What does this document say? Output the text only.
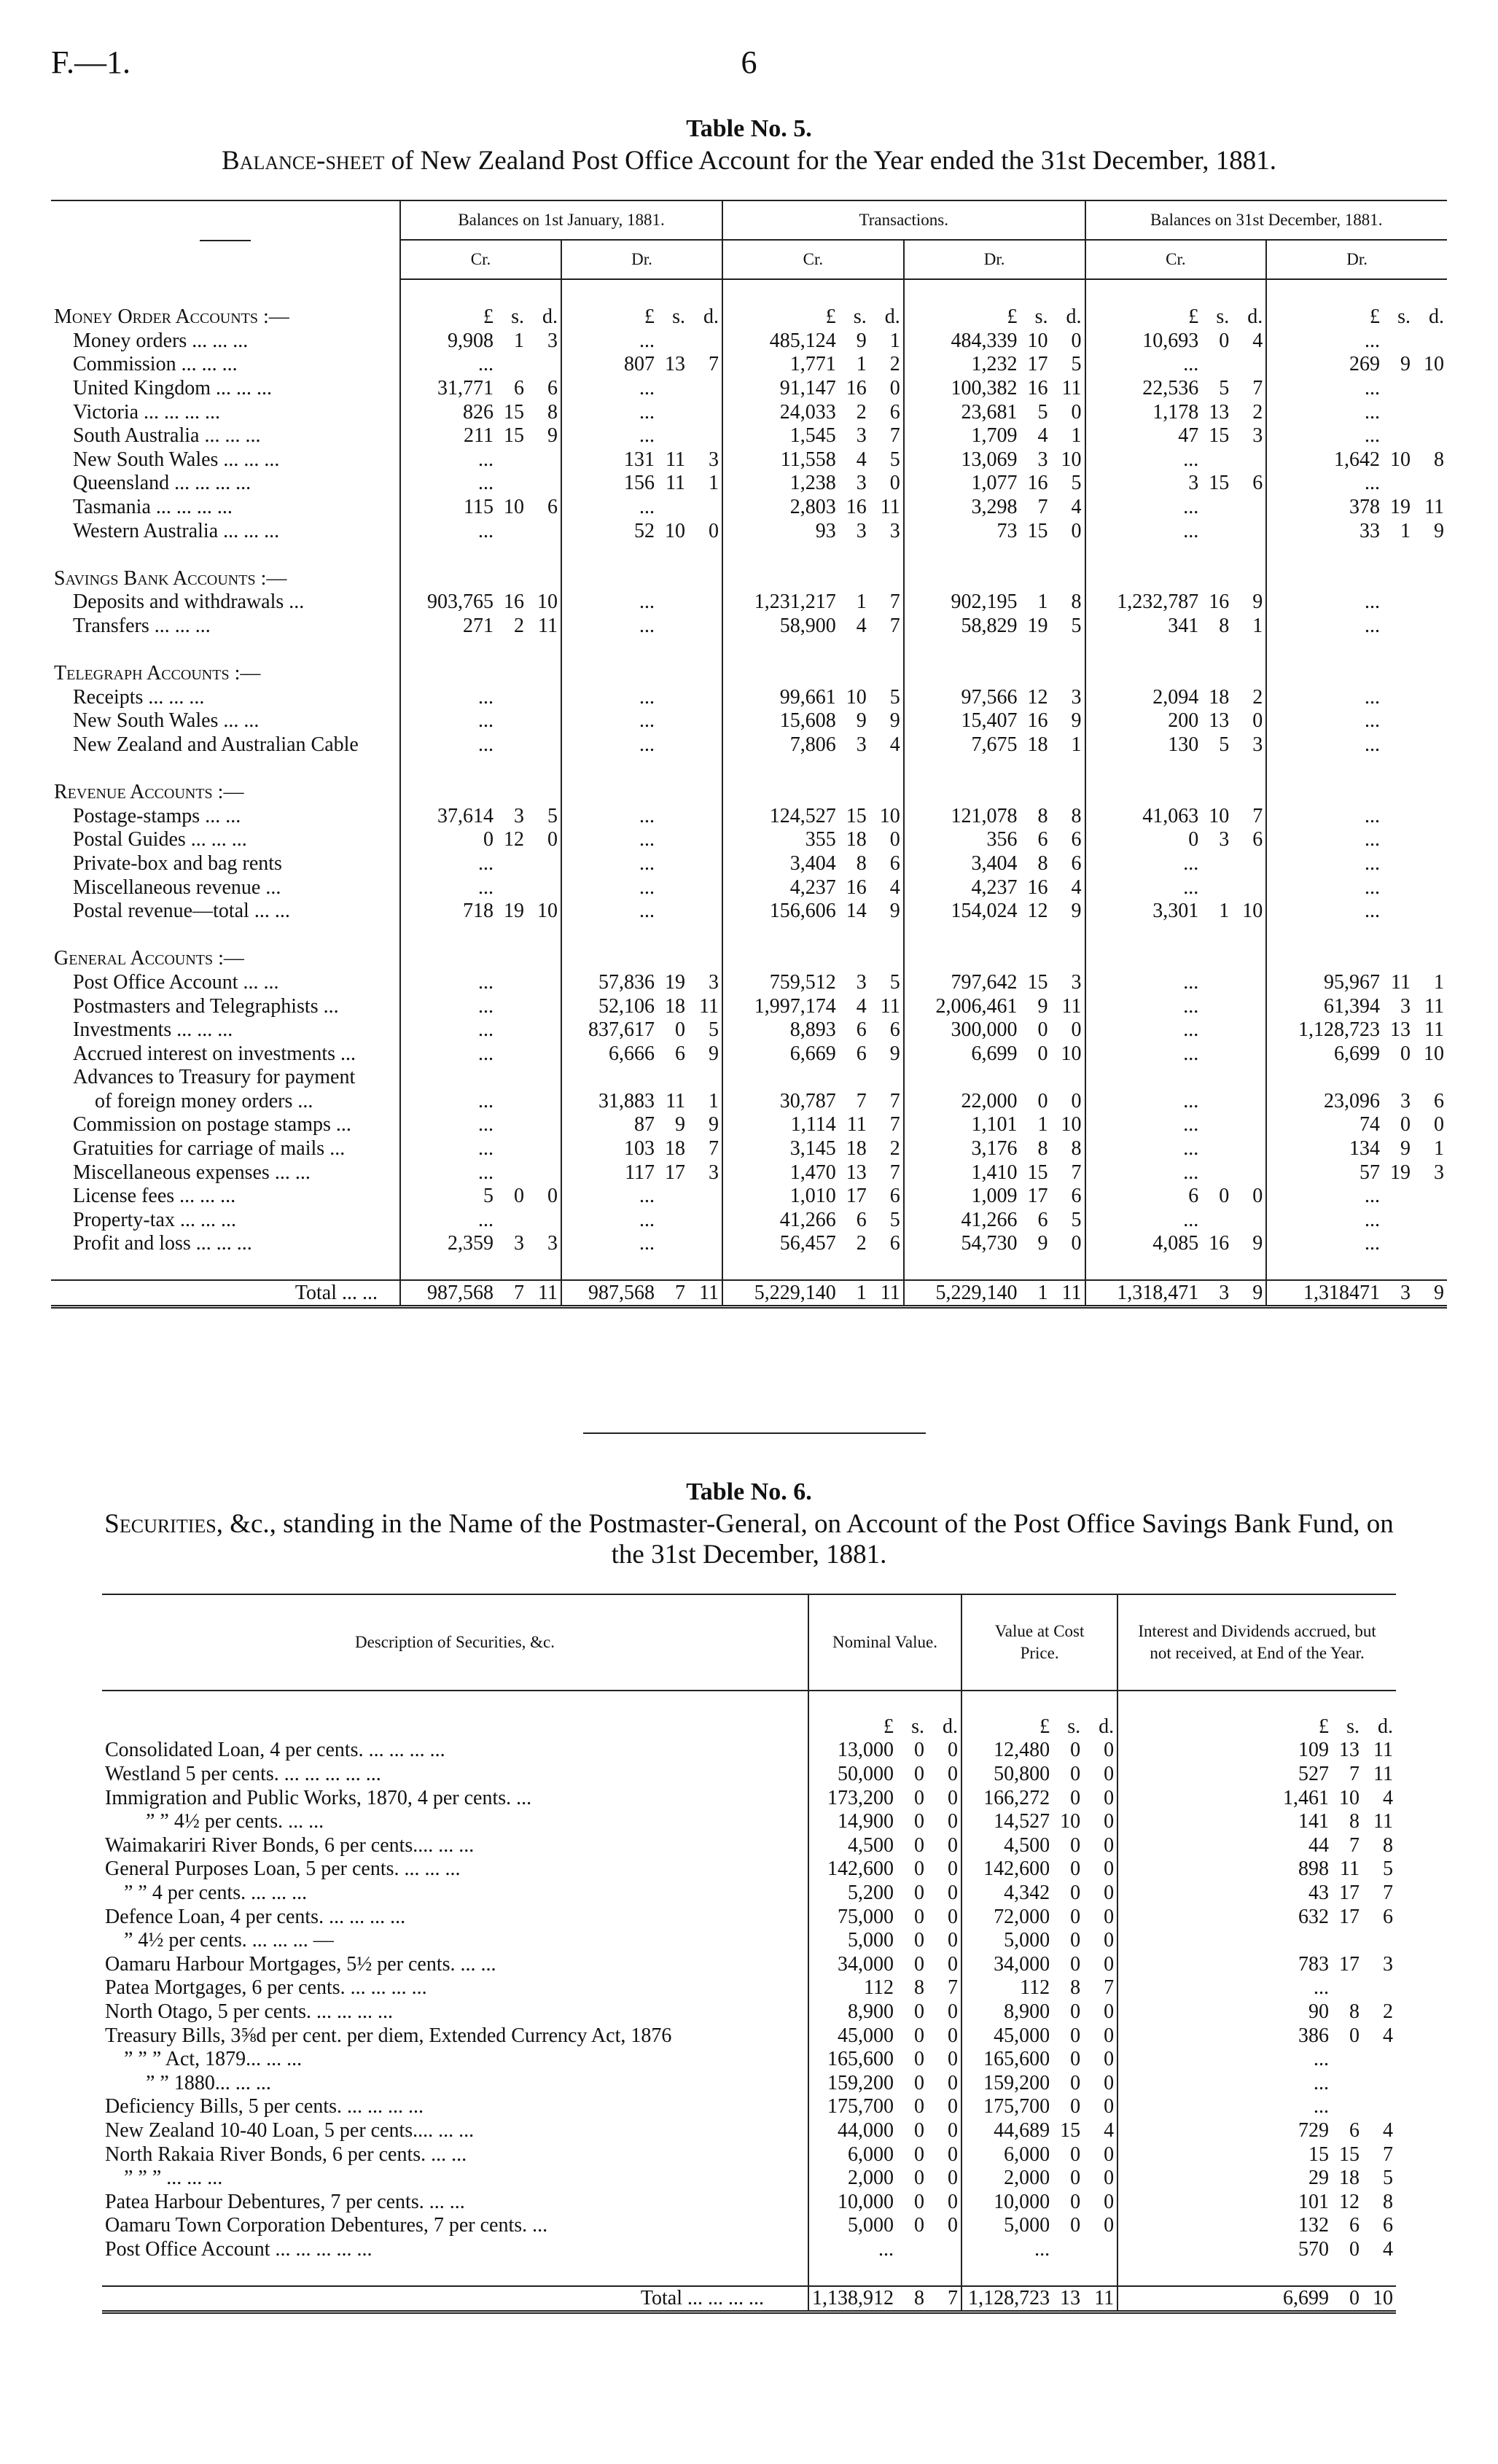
F.—1.	6
Table No. 5.
Balance-sheet of New Zealand Post Office Account for the Year ended the 31st December, 1881.
	Balances on 1st January, 1881.						Transactions.						Balances on 31st December, 1881.					
	Cr.			Dr.			Cr.			Dr.			Cr.			Dr.		

Money Order Accounts :—	£	s.	d.	£	s.	d.	£	s.	d.	£	s.	d.	£	s.	d.	£	s.	d.
Money orders ... ... ...	9,908	1	3	...			485,124	9	1	484,339	10	0	10,693	0	4	...		
Commission ... ... ...	...			807	13	7	1,771	1	2	1,232	17	5	...			269	9	10
United Kingdom ... ... ...	31,771	6	6	...			91,147	16	0	100,382	16	11	22,536	5	7	...		
Victoria ... ... ... ...	826	15	8	...			24,033	2	6	23,681	5	0	1,178	13	2	...		
South Australia ... ... ...	211	15	9	...			1,545	3	7	1,709	4	1	47	15	3	...		
New South Wales ... ... ...	...			131	11	3	11,558	4	5	13,069	3	10	...			1,642	10	8
Queensland ... ... ... ...	...			156	11	1	1,238	3	0	1,077	16	5	3	15	6	...		
Tasmania ... ... ... ...	115	10	6	...			2,803	16	11	3,298	7	4	...			378	19	11
Western Australia ... ... ...	...			52	10	0	93	3	3	73	15	0	...			33	1	9

Savings Bank Accounts :—																		
Deposits and withdrawals ...	903,765	16	10	...			1,231,217	1	7	902,195	1	8	1,232,787	16	9	...		
Transfers ... ... ...	271	2	11	...			58,900	4	7	58,829	19	5	341	8	1	...		

Telegraph Accounts :—																		
Receipts ... ... ...	...			...			99,661	10	5	97,566	12	3	2,094	18	2	...		
New South Wales ... ...	...			...			15,608	9	9	15,407	16	9	200	13	0	...		
New Zealand and Australian Cable	...			...			7,806	3	4	7,675	18	1	130	5	3	...		

Revenue Accounts :—																		
Postage-stamps ... ...	37,614	3	5	...			124,527	15	10	121,078	8	8	41,063	10	7	...		
Postal Guides ... ... ...	0	12	0	...			355	18	0	356	6	6	0	3	6	...		
Private-box and bag rents	...			...			3,404	8	6	3,404	8	6	...			...		
Miscellaneous revenue ...	...			...			4,237	16	4	4,237	16	4	...			...		
Postal revenue—total ... ...	718	19	10	...			156,606	14	9	154,024	12	9	3,301	1	10	...		

General Accounts :—																		
Post Office Account ... ...	...			57,836	19	3	759,512	3	5	797,642	15	3	...			95,967	11	1
Postmasters and Telegraphists ...	...			52,106	18	11	1,997,174	4	11	2,006,461	9	11	...			61,394	3	11
Investments ... ... ...	...			837,617	0	5	8,893	6	6	300,000	0	0	...			1,128,723	13	11
Accrued interest on investments ...	...			6,666	6	9	6,669	6	9	6,699	0	10	...			6,699	0	10
Advances to Treasury for payment																		
of foreign money orders ...	...			31,883	11	1	30,787	7	7	22,000	0	0	...			23,096	3	6
Commission on postage stamps ...	...			87	9	9	1,114	11	7	1,101	1	10	...			74	0	0
Gratuities for carriage of mails ...	...			103	18	7	3,145	18	2	3,176	8	8	...			134	9	1
Miscellaneous expenses ... ...	...			117	17	3	1,470	13	7	1,410	15	7	...			57	19	3
License fees ... ... ...	5	0	0	...			1,010	17	6	1,009	17	6	6	0	0	...		
Property-tax ... ... ...	...			...			41,266	6	5	41,266	6	5	...			...		
Profit and loss ... ... ...	2,359	3	3	...			56,457	2	6	54,730	9	0	4,085	16	9	...		

Total ... ...	987,568	7	11	987,568	7	11	5,229,140	1	11	5,229,140	1	11	1,318,471	3	9	1,318471	3	9
Table No. 6.
Securities, &c., standing in the Name of the Postmaster-General, on Account of the Post Office Savings Bank Fund, on the 31st December, 1881.
Description of Securities, &c.	Nominal Value.			Value at Cost Price.			Interest and Dividends accrued, but not received, at End of the Year.		

	£	s.	d.	£	s.	d.	£	s.	d.
Consolidated Loan, 4 per cents. ... ... ... ...	13,000	0	0	12,480	0	0	109	13	11
Westland 5 per cents. ... ... ... ... ...	50,000	0	0	50,800	0	0	527	7	11
Immigration and Public Works, 1870, 4 per cents. ...	173,200	0	0	166,272	0	0	1,461	10	4
” ” 4½ per cents. ... ...	14,900	0	0	14,527	10	0	141	8	11
Waimakariri River Bonds, 6 per cents.... ... ...	4,500	0	0	4,500	0	0	44	7	8
General Purposes Loan, 5 per cents. ... ... ...	142,600	0	0	142,600	0	0	898	11	5
” ” 4 per cents. ... ... ...	5,200	0	0	4,342	0	0	43	17	7
Defence Loan, 4 per cents. ... ... ... ...	75,000	0	0	72,000	0	0	632	17	6
” 4½ per cents. ... ... ... —	5,000	0	0	5,000	0	0			
Oamaru Harbour Mortgages, 5½ per cents. ... ...	34,000	0	0	34,000	0	0	783	17	3
Patea Mortgages, 6 per cents. ... ... ... ...	112	8	7	112	8	7	...		
North Otago, 5 per cents. ... ... ... ...	8,900	0	0	8,900	0	0	90	8	2
Treasury Bills, 3⅝d per cent. per diem, Extended Currency Act, 1876	45,000	0	0	45,000	0	0	386	0	4
” ” ” Act, 1879... ... ...	165,600	0	0	165,600	0	0	...		
” ” 1880... ... ...	159,200	0	0	159,200	0	0	...		
Deficiency Bills, 5 per cents. ... ... ... ...	175,700	0	0	175,700	0	0	...		
New Zealand 10-40 Loan, 5 per cents.... ... ...	44,000	0	0	44,689	15	4	729	6	4
North Rakaia River Bonds, 6 per cents. ... ...	6,000	0	0	6,000	0	0	15	15	7
” ” ” ... ... ...	2,000	0	0	2,000	0	0	29	18	5
Patea Harbour Debentures, 7 per cents. ... ...	10,000	0	0	10,000	0	0	101	12	8
Oamaru Town Corporation Debentures, 7 per cents. ...	5,000	0	0	5,000	0	0	132	6	6
Post Office Account ... ... ... ... ...	...			...			570	0	4

Total ... ... ... ...	1,138,912	8	7	1,128,723	13	11	6,699	0	10
